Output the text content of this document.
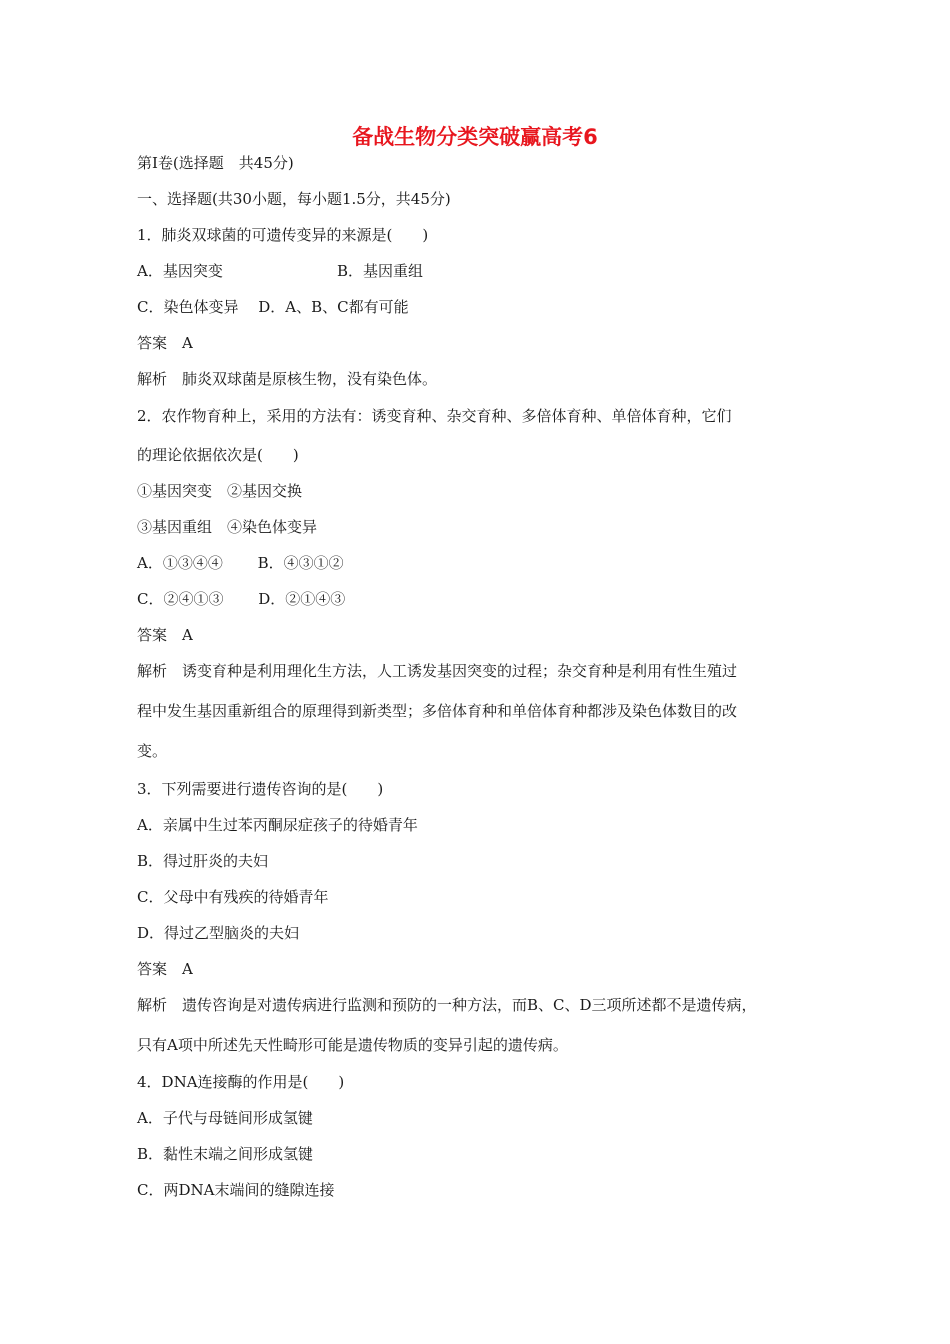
备战生物分类突破赢高考6
第Ⅰ卷(选择题　共45分)
一、选择题(共30小题，每小题1.5分，共45分)
1．肺炎双球菌的可遗传变异的来源是(　　)
A．基因突变	B．基因重组
C．染色体变异　 D．A、B、C都有可能
答案　A
解析　肺炎双球菌是原核生物，没有染色体。
2．农作物育种上，采用的方法有：诱变育种、杂交育种、多倍体育种、单倍体育种，它们
的理论依据依次是(　　)
①基因突变　②基因交换
③基因重组　④染色体变异
A．①③④④　　 B．④③①②
C．②④①③　　 D．②①④③
答案　A
解析　诱变育种是利用理化生方法，人工诱发基因突变的过程；杂交育种是利用有性生殖过
程中发生基因重新组合的原理得到新类型；多倍体育种和单倍体育种都涉及染色体数目的改
变。
3．下列需要进行遗传咨询的是(　　)
A．亲属中生过苯丙酮尿症孩子的待婚青年
B．得过肝炎的夫妇
C．父母中有残疾的待婚青年
D．得过乙型脑炎的夫妇
答案　A
解析　遗传咨询是对遗传病进行监测和预防的一种方法，而B、C、D三项所述都不是遗传病，
只有A项中所述先天性畸形可能是遗传物质的变异引起的遗传病。
4．DNA连接酶的作用是(　　)
A．子代与母链间形成氢键
B．黏性末端之间形成氢键
C．两DNA末端间的缝隙连接
